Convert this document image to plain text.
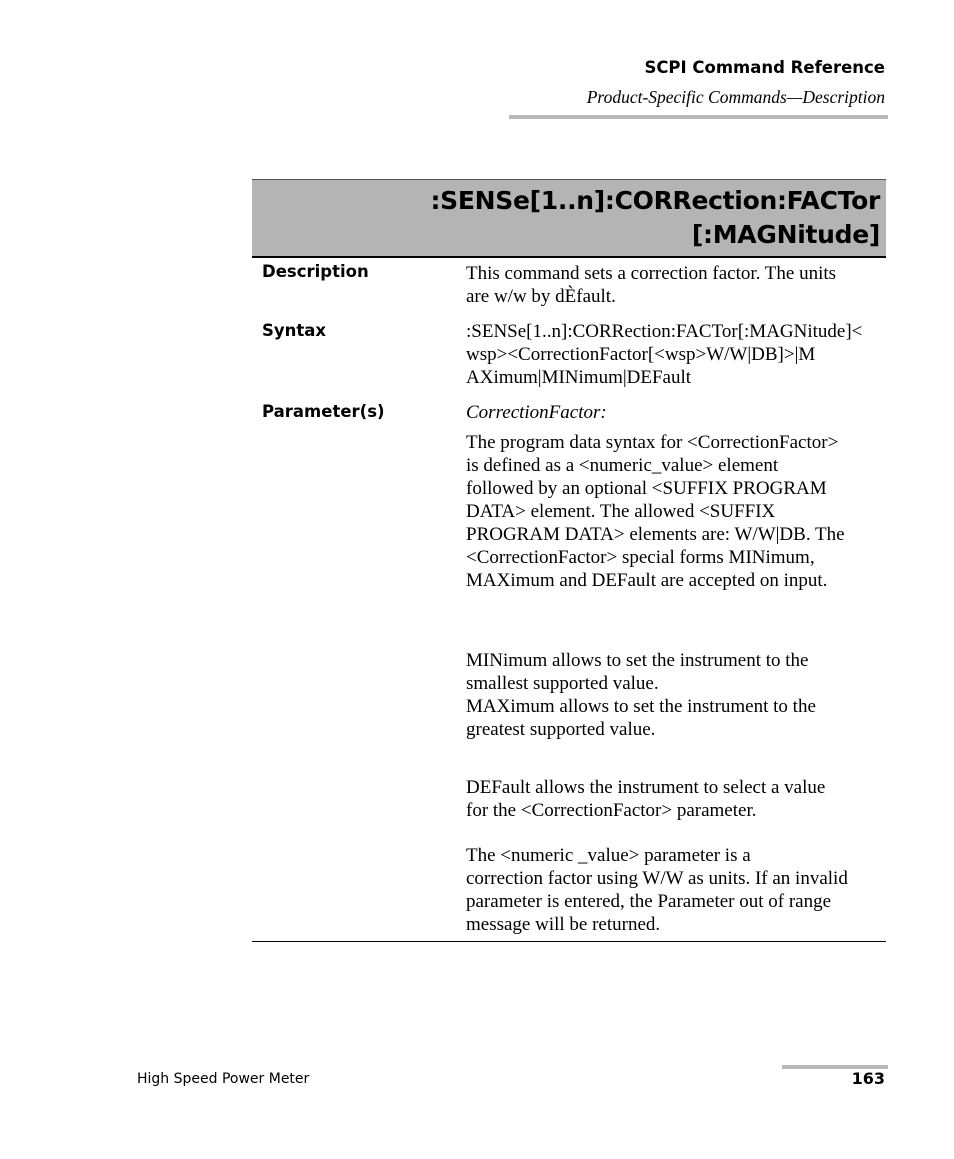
SCPI Command Reference
Product-Specific Commands—Description
:SENSe[1..n]:CORRection:FACTor
[:MAGNitude]
Description	This command sets a correction factor. The units
are w/w by dÈfault.
Syntax	:SENSe[1..n]:CORRection:FACTor[:MAGNitude]<
wsp><CorrectionFactor[<wsp>W/W|DB]>|M
AXimum|MINimum|DEFault
Parameter(s)	CorrectionFactor:
The program data syntax for <CorrectionFactor>
is defined as a <numeric_value> element
followed by an optional <SUFFIX PROGRAM
DATA> element. The allowed <SUFFIX
PROGRAM DATA> elements are: W/W|DB. The
<CorrectionFactor> special forms MINimum,
MAXimum and DEFault are accepted on input.
MINimum allows to set the instrument to the
smallest supported value.
MAXimum allows to set the instrument to the
greatest supported value.
DEFault allows the instrument to select a value
for the <CorrectionFactor> parameter.
The <numeric _value> parameter is a
correction factor using W/W as units. If an invalid
parameter is entered, the Parameter out of range
message will be returned.
High Speed Power Meter	163
